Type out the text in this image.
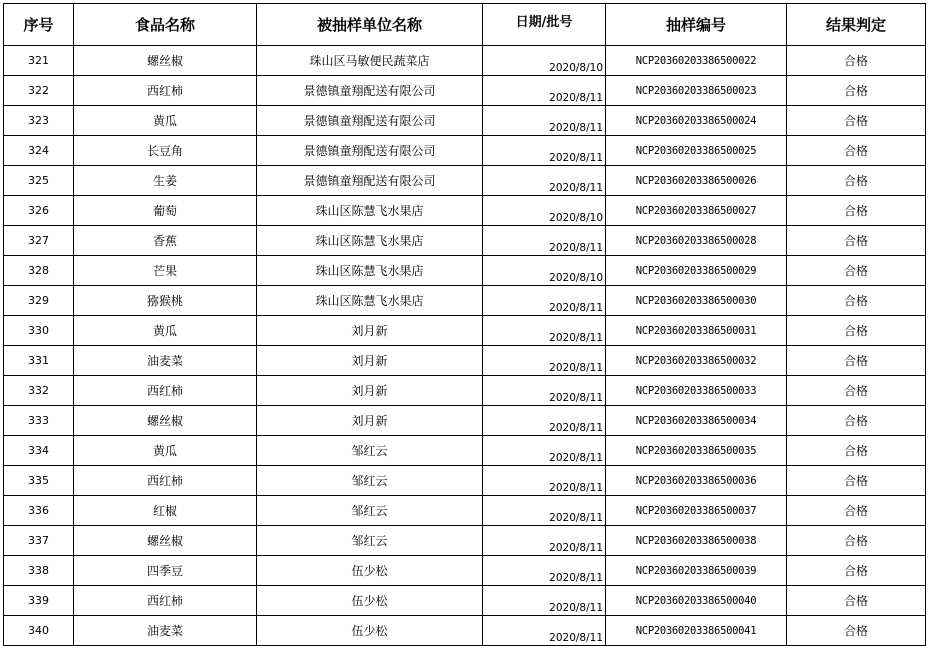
序号	食品名称	被抽样单位名称	日期/批号	抽样编号	结果判定
321	螺丝椒	珠山区马敏便民蔬菜店	2020/8/10	NCP20360203386500022	合格
322	西红柿	景德镇童翔配送有限公司	2020/8/11	NCP20360203386500023	合格
323	黄瓜	景德镇童翔配送有限公司	2020/8/11	NCP20360203386500024	合格
324	长豆角	景德镇童翔配送有限公司	2020/8/11	NCP20360203386500025	合格
325	生姜	景德镇童翔配送有限公司	2020/8/11	NCP20360203386500026	合格
326	葡萄	珠山区陈慧飞水果店	2020/8/10	NCP20360203386500027	合格
327	香蕉	珠山区陈慧飞水果店	2020/8/11	NCP20360203386500028	合格
328	芒果	珠山区陈慧飞水果店	2020/8/10	NCP20360203386500029	合格
329	猕猴桃	珠山区陈慧飞水果店	2020/8/11	NCP20360203386500030	合格
330	黄瓜	刘月新	2020/8/11	NCP20360203386500031	合格
331	油麦菜	刘月新	2020/8/11	NCP20360203386500032	合格
332	西红柿	刘月新	2020/8/11	NCP20360203386500033	合格
333	螺丝椒	刘月新	2020/8/11	NCP20360203386500034	合格
334	黄瓜	邹红云	2020/8/11	NCP20360203386500035	合格
335	西红柿	邹红云	2020/8/11	NCP20360203386500036	合格
336	红椒	邹红云	2020/8/11	NCP20360203386500037	合格
337	螺丝椒	邹红云	2020/8/11	NCP20360203386500038	合格
338	四季豆	伍少松	2020/8/11	NCP20360203386500039	合格
339	西红柿	伍少松	2020/8/11	NCP20360203386500040	合格
340	油麦菜	伍少松	2020/8/11	NCP20360203386500041	合格
